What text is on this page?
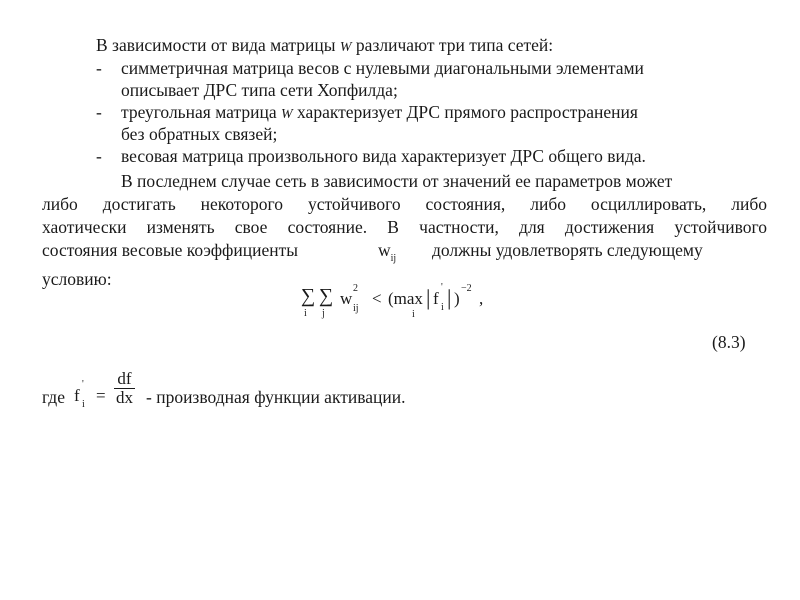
В зависимости от вида матрицы W различают три типа сетей:
- симметричная матрица весов с нулевыми диагональными элементами
описывает ДРС типа сети Хопфилда;
- треугольная матрица W характеризует ДРС прямого распространения
без обратных связей;
- весовая матрица произвольного вида характеризует ДРС общего вида.
В последнем случае сеть в зависимости от значений ее параметров может
либо достигать некоторого устойчивого состояния, либо осциллировать, либо
хаотически изменять свое состояние. В частности, для достижения устойчивого
состояния весовые коэффициенты	$w_{ij}$ должны удовлетворять следующему
условию:
∑
i
∑
j
w
2
ij
< (max
i
| f
'
i | )
−2
,
(8.3)
где f
'
$i = \frac{df}{dx}$ - производная функции активации.
